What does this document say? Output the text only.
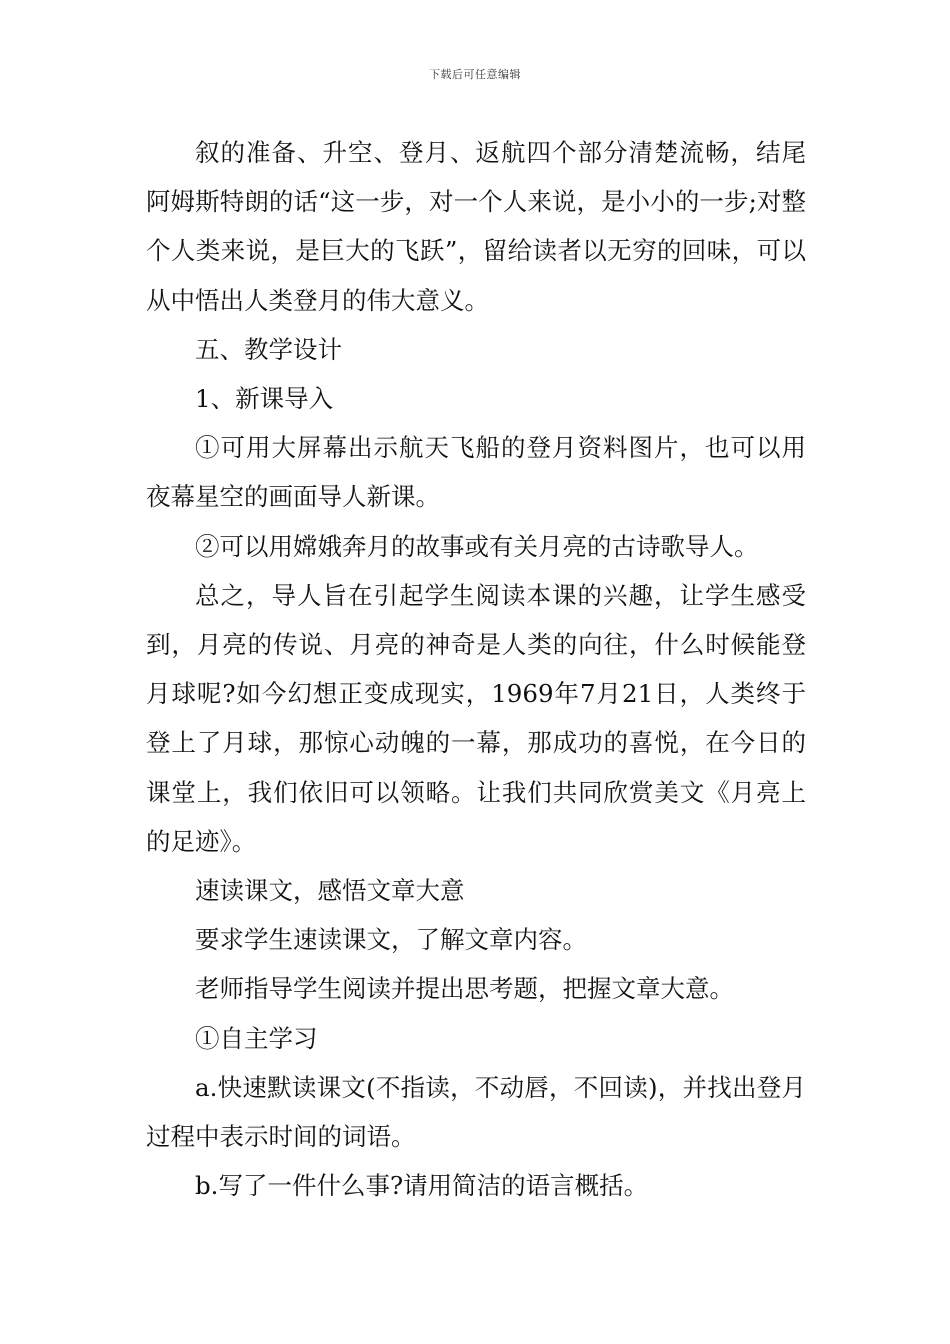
下载后可任意编辑

叙的准备、升空、登月、返航四个部分清楚流畅，结尾阿姆斯特朗的话“这一步，对一个人来说，是小小的一步;对整个人类来说，是巨大的飞跃”，留给读者以无穷的回味，可以从中悟出人类登月的伟大意义。

五、教学设计

1、新课导入

①可用大屏幕出示航天飞船的登月资料图片，也可以用夜幕星空的画面导人新课。

②可以用嫦娥奔月的故事或有关月亮的古诗歌导人。

总之，导人旨在引起学生阅读本课的兴趣，让学生感受到，月亮的传说、月亮的神奇是人类的向往，什么时候能登月球呢?如今幻想正变成现实，1969年7月21日，人类终于登上了月球，那惊心动魄的一幕，那成功的喜悦，在今日的课堂上，我们依旧可以领略。让我们共同欣赏美文《月亮上的足迹》。

速读课文，感悟文章大意

要求学生速读课文，了解文章内容。

老师指导学生阅读并提出思考题，把握文章大意。

①自主学习

a.快速默读课文(不指读，不动唇，不回读)，并找出登月过程中表示时间的词语。

b.写了一件什么事?请用简洁的语言概括。
